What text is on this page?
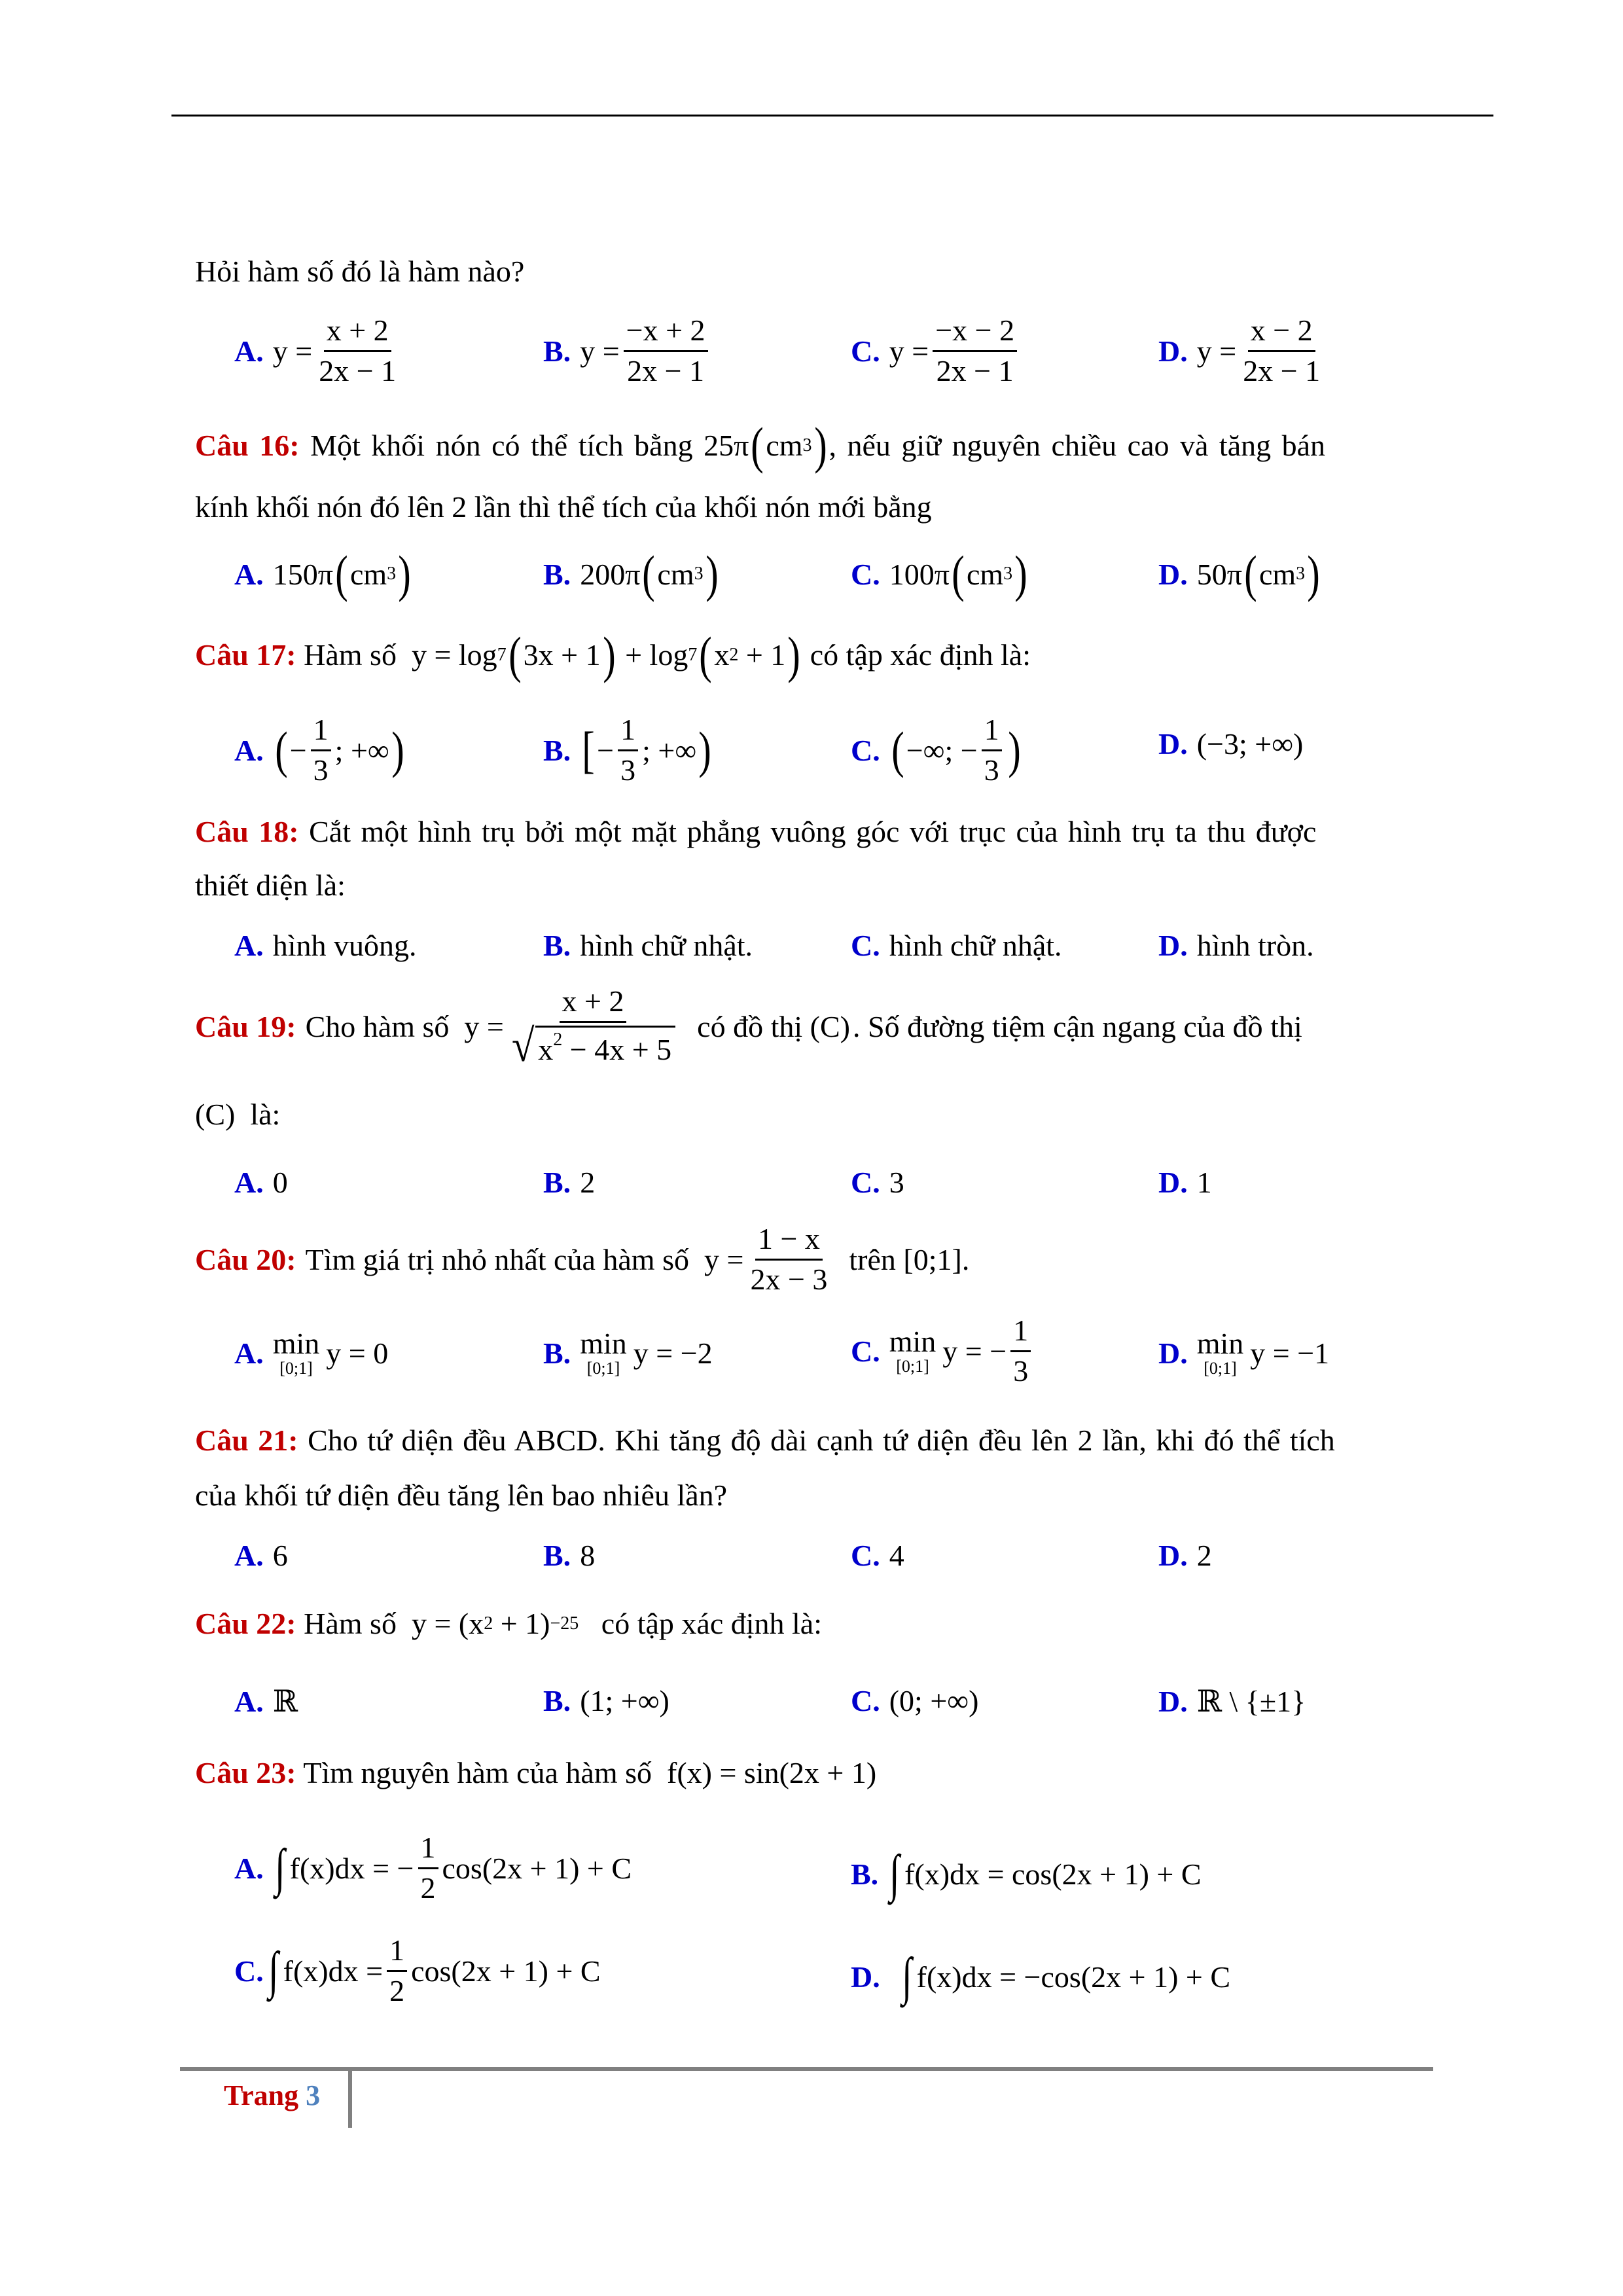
Hỏi hàm số đó là hàm nào?
A. $y = \frac{x + 2}{2x - 1}$	B. $y = \frac{-x + 2}{2x - 1}$	C. $y = \frac{-x - 2}{2x - 1}$	D. $y = \frac{x - 2}{2x - 1}$
Câu 16: Một khối nón có thể tích bằng 25π ( cm 3 ) , nếu giữ nguyên chiều cao và tăng bán
kính khối nón đó lên 2 lần thì thể tích của khối nón mới bằng
A. 150π ( cm 3 )	B. 200π ( cm 3 )	C. 100π ( cm 3 )	D. 50π ( cm 3 )
Câu 17: Hàm số y = log 7 ( 3x + 1 )
+ log 7 ( x 2
+ 1 ) có tập xác định là:
A. ( − $\frac{1}{3}$ ; +∞ )	B. [ − $\frac{1}{3}$ ; +∞ )	C. ( −∞; − $\frac{1}{3}$ )	D. (−3; +∞)
Câu 18: Cắt một hình trụ bởi một mặt phẳng vuông góc với trục của hình trụ ta thu được
thiết diện là:
A. hình vuông.	B. hình chữ nhật.	C. hình chữ nhật.	D. hình tròn.
Câu 19: Cho hàm số
$y = \frac{x + 2}{√ x^2 - 4x + 5}$
có đồ thị
(C) . Số đường tiệm cận ngang của đồ thị
(C) là:
A. 0	B. 2	C. 3	D. 1
Câu 20: Tìm giá trị nhỏ nhất của hàm số
$y = \frac{1 - x}{2x - 3}$
trên
[0;1] .
A. min
[0;1] y = 0	B. min
[0;1] y = −2	C. min
[0;1] y = − $\frac{1}{3}$	D. min
[0;1] y = −1
Câu 21: Cho tứ diện đều ABCD. Khi tăng độ dài cạnh tứ diện đều lên 2 lần, khi đó thể tích
của khối tứ diện đều tăng lên bao nhiêu lần?
A. 6	B. 8	C. 4	D. 2
Câu 22: Hàm số y = (x 2
+ 1) −25 có tập xác định là:
A. ℝ	B. (1; +∞)	C. (0; +∞)	D. ℝ \ {±1}
Câu 23: Tìm nguyên hàm của hàm số f(x) = sin(2x + 1)
A. ∫ f(x)dx = − $\frac{1}{2} \cos(2x + 1) + C$	B. ∫ f(x)dx = cos(2x + 1) + C
C. ∫ $f(x)dx = \frac{1}{2} \cos(2x + 1) + C$	D. ∫ f(x)dx = −cos(2x + 1) + C
Trang 3
